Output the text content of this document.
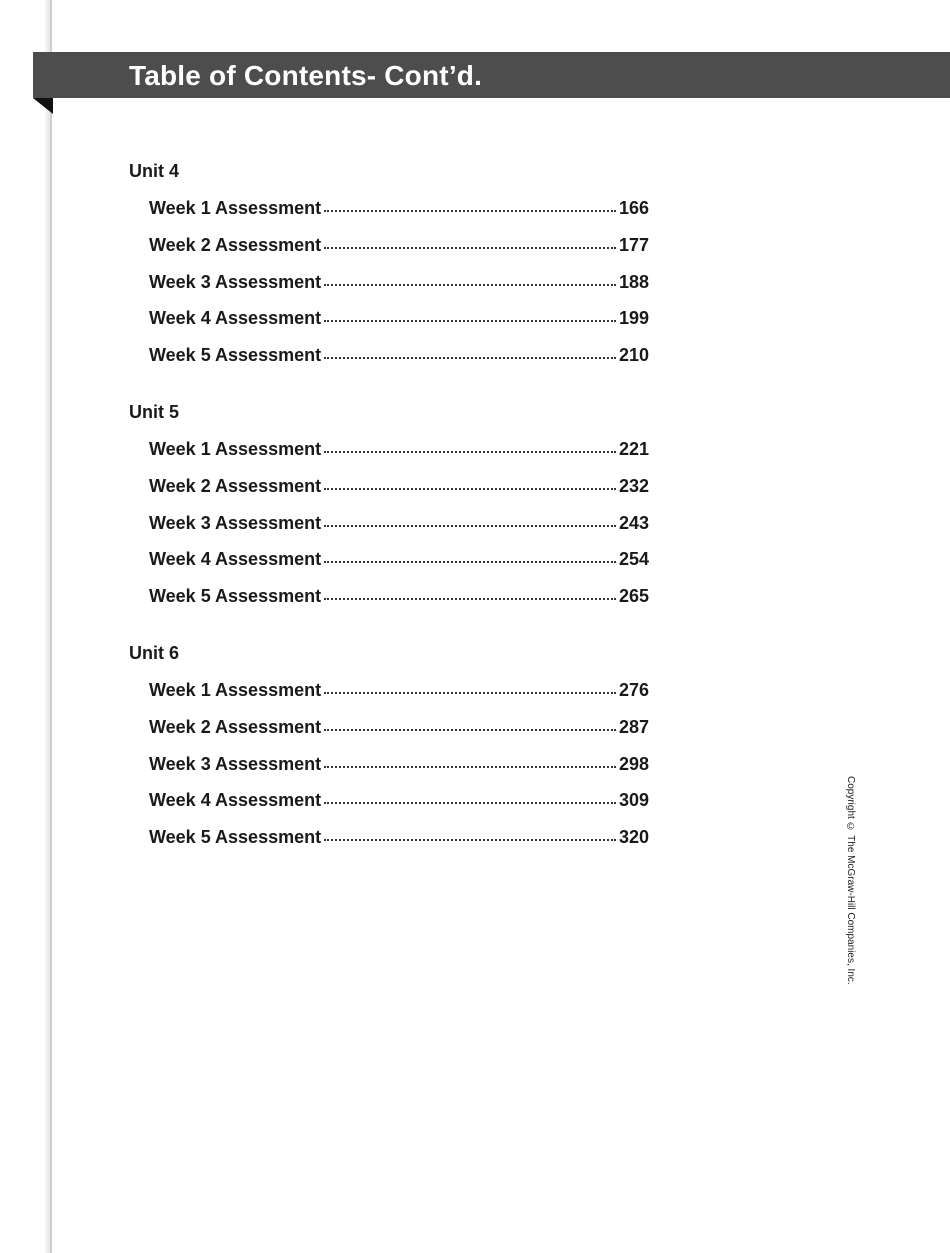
Table of Contents- Cont’d.
Unit 4
Week 1 Assessment	166
Week 2 Assessment	177
Week 3 Assessment	188
Week 4 Assessment	199
Week 5 Assessment	210
Unit 5
Week 1 Assessment	221
Week 2 Assessment	232
Week 3 Assessment	243
Week 4 Assessment	254
Week 5 Assessment	265
Unit 6
Week 1 Assessment	276
Week 2 Assessment	287
Week 3 Assessment	298
Week 4 Assessment	309
Week 5 Assessment	320	Copyright © The McGraw-Hill Companies, Inc.
